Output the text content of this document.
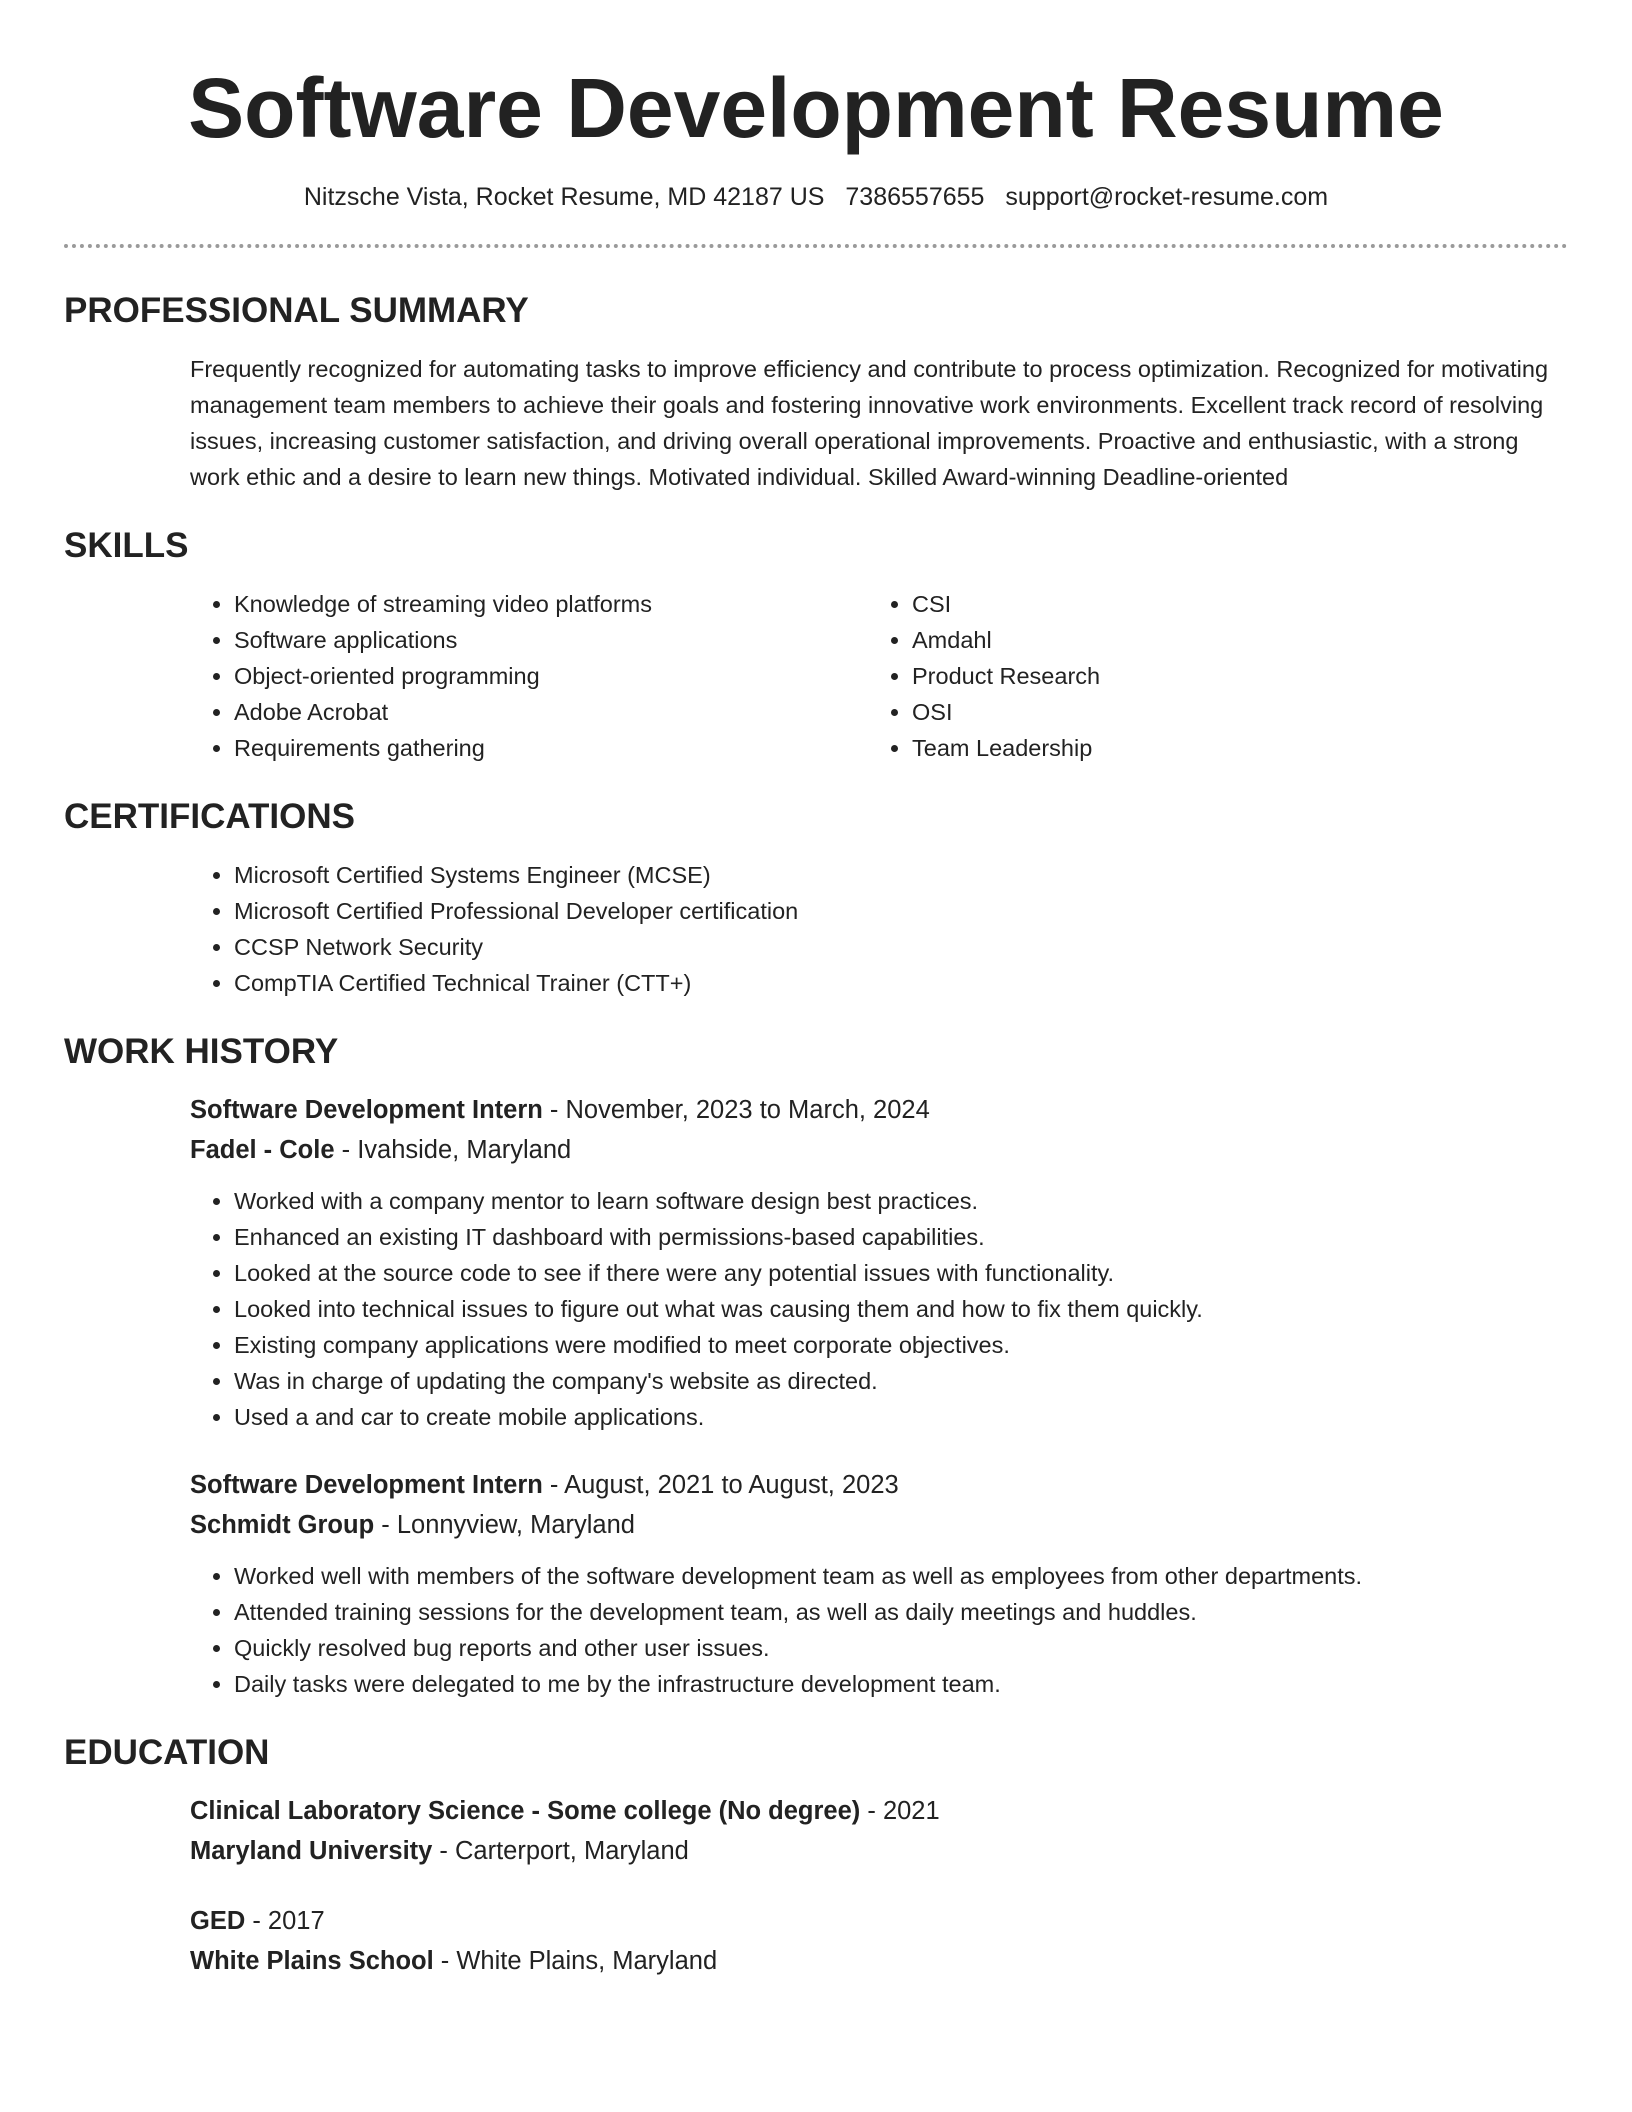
Software Development Resume
Nitzsche Vista, Rocket Resume, MD 42187 US 7386557655 support@rocket-resume.com
PROFESSIONAL SUMMARY

Frequently recognized for automating tasks to improve efficiency and contribute to process optimization. Recognized for motivating management team members to achieve their goals and fostering innovative work environments. Excellent track record of resolving issues, increasing customer satisfaction, and driving overall operational improvements. Proactive and enthusiastic, with a strong work ethic and a desire to learn new things. Motivated individual. Skilled Award-winning Deadline-oriented

SKILLS
• Knowledge of streaming video platforms
• Software applications
• Object-oriented programming
• Adobe Acrobat
• Requirements gathering
• CSI
• Amdahl
• Product Research
• OSI
• Team Leadership
CERTIFICATIONS
• Microsoft Certified Systems Engineer (MCSE)
• Microsoft Certified Professional Developer certification
• CCSP Network Security
• CompTIA Certified Technical Trainer (CTT+)
WORK HISTORY

Software Development Intern - November, 2023 to March, 2024

Fadel - Cole - Ivahside, Maryland

• Worked with a company mentor to learn software design best practices.
• Enhanced an existing IT dashboard with permissions-based capabilities.
• Looked at the source code to see if there were any potential issues with functionality.
• Looked into technical issues to figure out what was causing them and how to fix them quickly.
• Existing company applications were modified to meet corporate objectives.
• Was in charge of updating the company's website as directed.
• Used a and car to create mobile applications.

Software Development Intern - August, 2021 to August, 2023

Schmidt Group - Lonnyview, Maryland

• Worked well with members of the software development team as well as employees from other departments.
• Attended training sessions for the development team, as well as daily meetings and huddles.
• Quickly resolved bug reports and other user issues.
• Daily tasks were delegated to me by the infrastructure development team.
EDUCATION

Clinical Laboratory Science - Some college (No degree) - 2021

Maryland University - Carterport, Maryland

GED - 2017

White Plains School - White Plains, Maryland
